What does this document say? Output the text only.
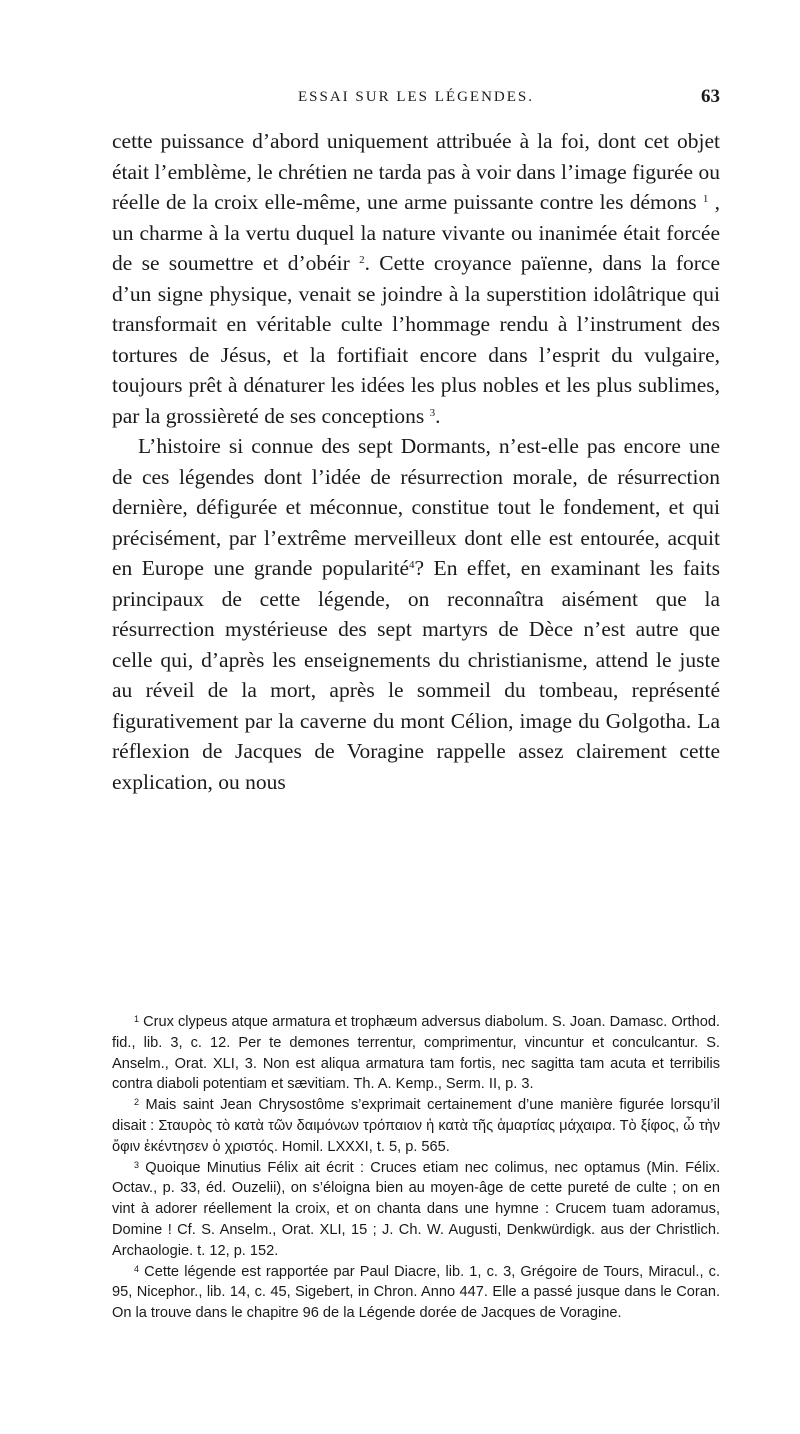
ESSAI SUR LES LÉGENDES.	63

cette puissance d’abord uniquement attribuée à la foi, dont cet objet était l’emblème, le chrétien ne tarda pas à voir dans l’image figurée ou réelle de la croix elle-même, une arme puissante contre les démons $^1$ , un charme à la vertu duquel la nature vivante ou inanimée était forcée de se soumettre et d’obéir $^2$. Cette croyance païenne, dans la force d’un signe physique, venait se joindre à la superstition idolâtrique qui transformait en véritable culte l’hommage rendu à l’instrument des tortures de Jésus, et la fortifiait encore dans l’esprit du vulgaire, toujours prêt à dénaturer les idées les plus nobles et les plus sublimes, par la grossièreté de ses conceptions $^3$.

L’histoire si connue des sept Dormants, n’est-elle pas encore une de ces légendes dont l’idée de résurrection morale, de résurrection dernière, défigurée et méconnue, constitue tout le fondement, et qui précisément, par l’extrême merveilleux dont elle est entourée, acquit en Europe une grande popularité$^4$? En effet, en examinant les faits principaux de cette légende, on reconnaîtra aisément que la résurrection mystérieuse des sept martyrs de Dèce n’est autre que celle qui, d’après les enseignements du christianisme, attend le juste au réveil de la mort, après le sommeil du tombeau, représenté figurativement par la caverne du mont Célion, image du Golgotha. La réflexion de Jacques de Voragine rappelle assez clairement cette explication, ou nous

$^1$ Crux clypeus atque armatura et trophæum adversus diabolum. S. Joan. Damasc. Orthod. fid., lib. 3, c. 12. Per te demones terrentur, comprimentur, vincuntur et conculcantur. S. Anselm., Orat. XLI, 3. Non est aliqua armatura tam fortis, nec sagitta tam acuta et terribilis contra diaboli potentiam et sævitiam. Th. A. Kemp., Serm. II, p. 3.

$^2$ Mais saint Jean Chrysostôme s’exprimait certainement d’une manière figurée lorsqu’il disait : Σταυρὸς τὸ κατὰ τῶν δαιμόνων τρόπαιον ἡ κατὰ τῆς ἁμαρτίας μάχαιρα. Τὸ ξίφος, ὦ τὴν ὄφιν ἐκέντησεν ὁ χριστός. Homil. LXXXI, t. 5, p. 565.

$^3$ Quoique Minutius Félix ait écrit : Cruces etiam nec colimus, nec optamus (Min. Félix. Octav., p. 33, éd. Ouzelii), on s’éloigna bien au moyen-âge de cette pureté de culte ; on en vint à adorer réellement la croix, et on chanta dans une hymne : Crucem tuam adoramus, Domine ! Cf. S. Anselm., Orat. XLI, 15 ; J. Ch. W. Augusti, Denkwürdigk. aus der Christlich. Archaologie. t. 12, p. 152.

$^4$ Cette légende est rapportée par Paul Diacre, lib. 1, c. 3, Grégoire de Tours, Miracul., c. 95, Nicephor., lib. 14, c. 45, Sigebert, in Chron. Anno 447. Elle a passé jusque dans le Coran. On la trouve dans le chapitre 96 de la Légende dorée de Jacques de Voragine.
